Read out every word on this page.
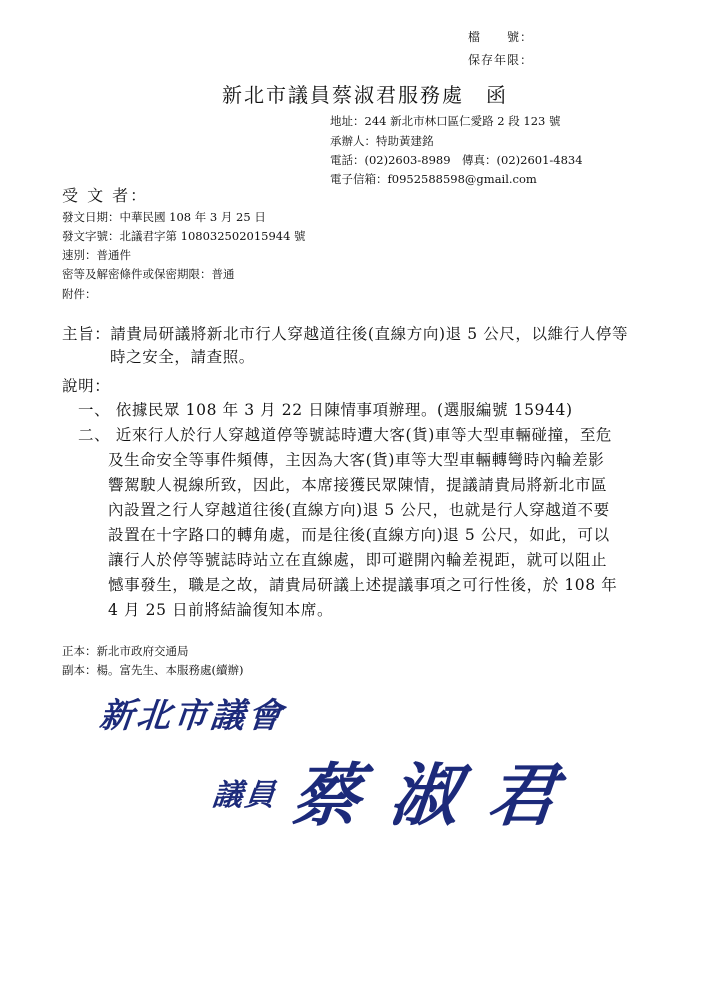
檔　　號：
保存年限：
新北市議員蔡淑君服務處　函
地址：244 新北市林口區仁愛路 2 段 123 號
承辦人：特助黃建銘
電話：(02)2603-8989　傳真：(02)2601-4834
電子信箱：f0952588598@gmail.com
受 文 者：
發文日期：中華民國 108 年 3 月 25 日
發文字號：北議君字第 108032502015944 號
速別：普通件
密等及解密條件或保密期限：普通
附件：
主旨：請貴局研議將新北市行人穿越道往後(直線方向)退 5 公尺，以維行人停等
時之安全，請查照。
說明：
一、 依據民眾 108 年 3 月 22 日陳情事項辦理。(選服編號 15944)
二、 近來行人於行人穿越道停等號誌時遭大客(貨)車等大型車輛碰撞，至危
及生命安全等事件頻傳，主因為大客(貨)車等大型車輛轉彎時內輪差影
響駕駛人視線所致，因此，本席接獲民眾陳情，提議請貴局將新北市區
內設置之行人穿越道往後(直線方向)退 5 公尺，也就是行人穿越道不要
設置在十字路口的轉角處，而是往後(直線方向)退 5 公尺，如此，可以
讓行人於停等號誌時站立在直線處，即可避開內輪差視距，就可以阻止
憾事發生，職是之故，請貴局研議上述提議事項之可行性後，於 108 年
4 月 25 日前將結論復知本席。
正本：新北市政府交通局
副本：楊。富先生、本服務處(續辦)
新北市議會
議員 蔡淑君
